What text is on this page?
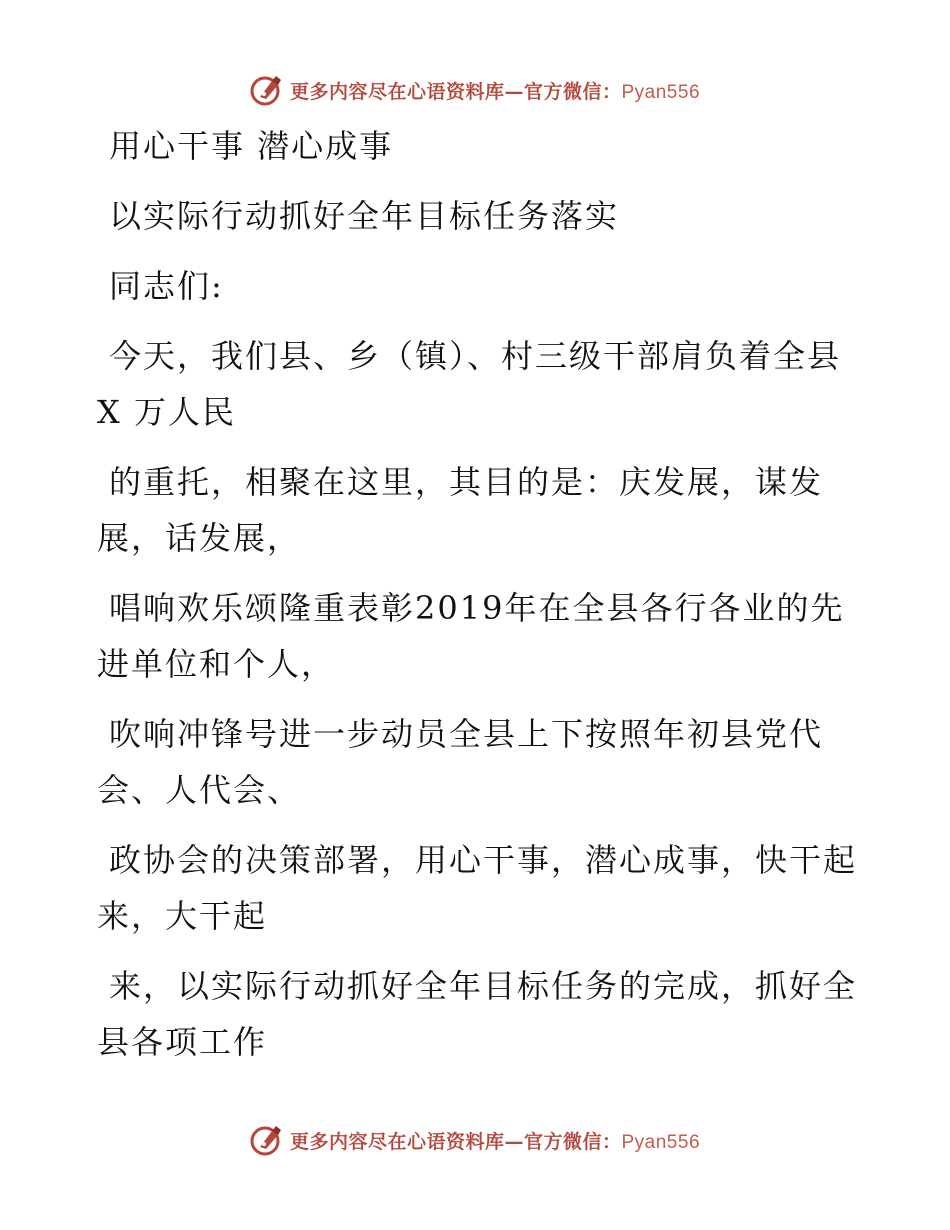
更多内容尽在心语资料库—官方微信：Pyan556

用心干事 潜心成事

以实际行动抓好全年目标任务落实

同志们:

今天，我们县、乡（镇）、村三级干部肩负着全县 X 万人民

的重托，相聚在这里，其目的是：庆发展，谋发展，话发展，

唱响欢乐颂隆重表彰2019年在全县各行各业的先进单位和个人，

吹响冲锋号进一步动员全县上下按照年初县党代会、人代会、

政协会的决策部署，用心干事，潜心成事，快干起来，大干起

来，以实际行动抓好全年目标任务的完成，抓好全县各项工作

更多内容尽在心语资料库—官方微信：Pyan556
